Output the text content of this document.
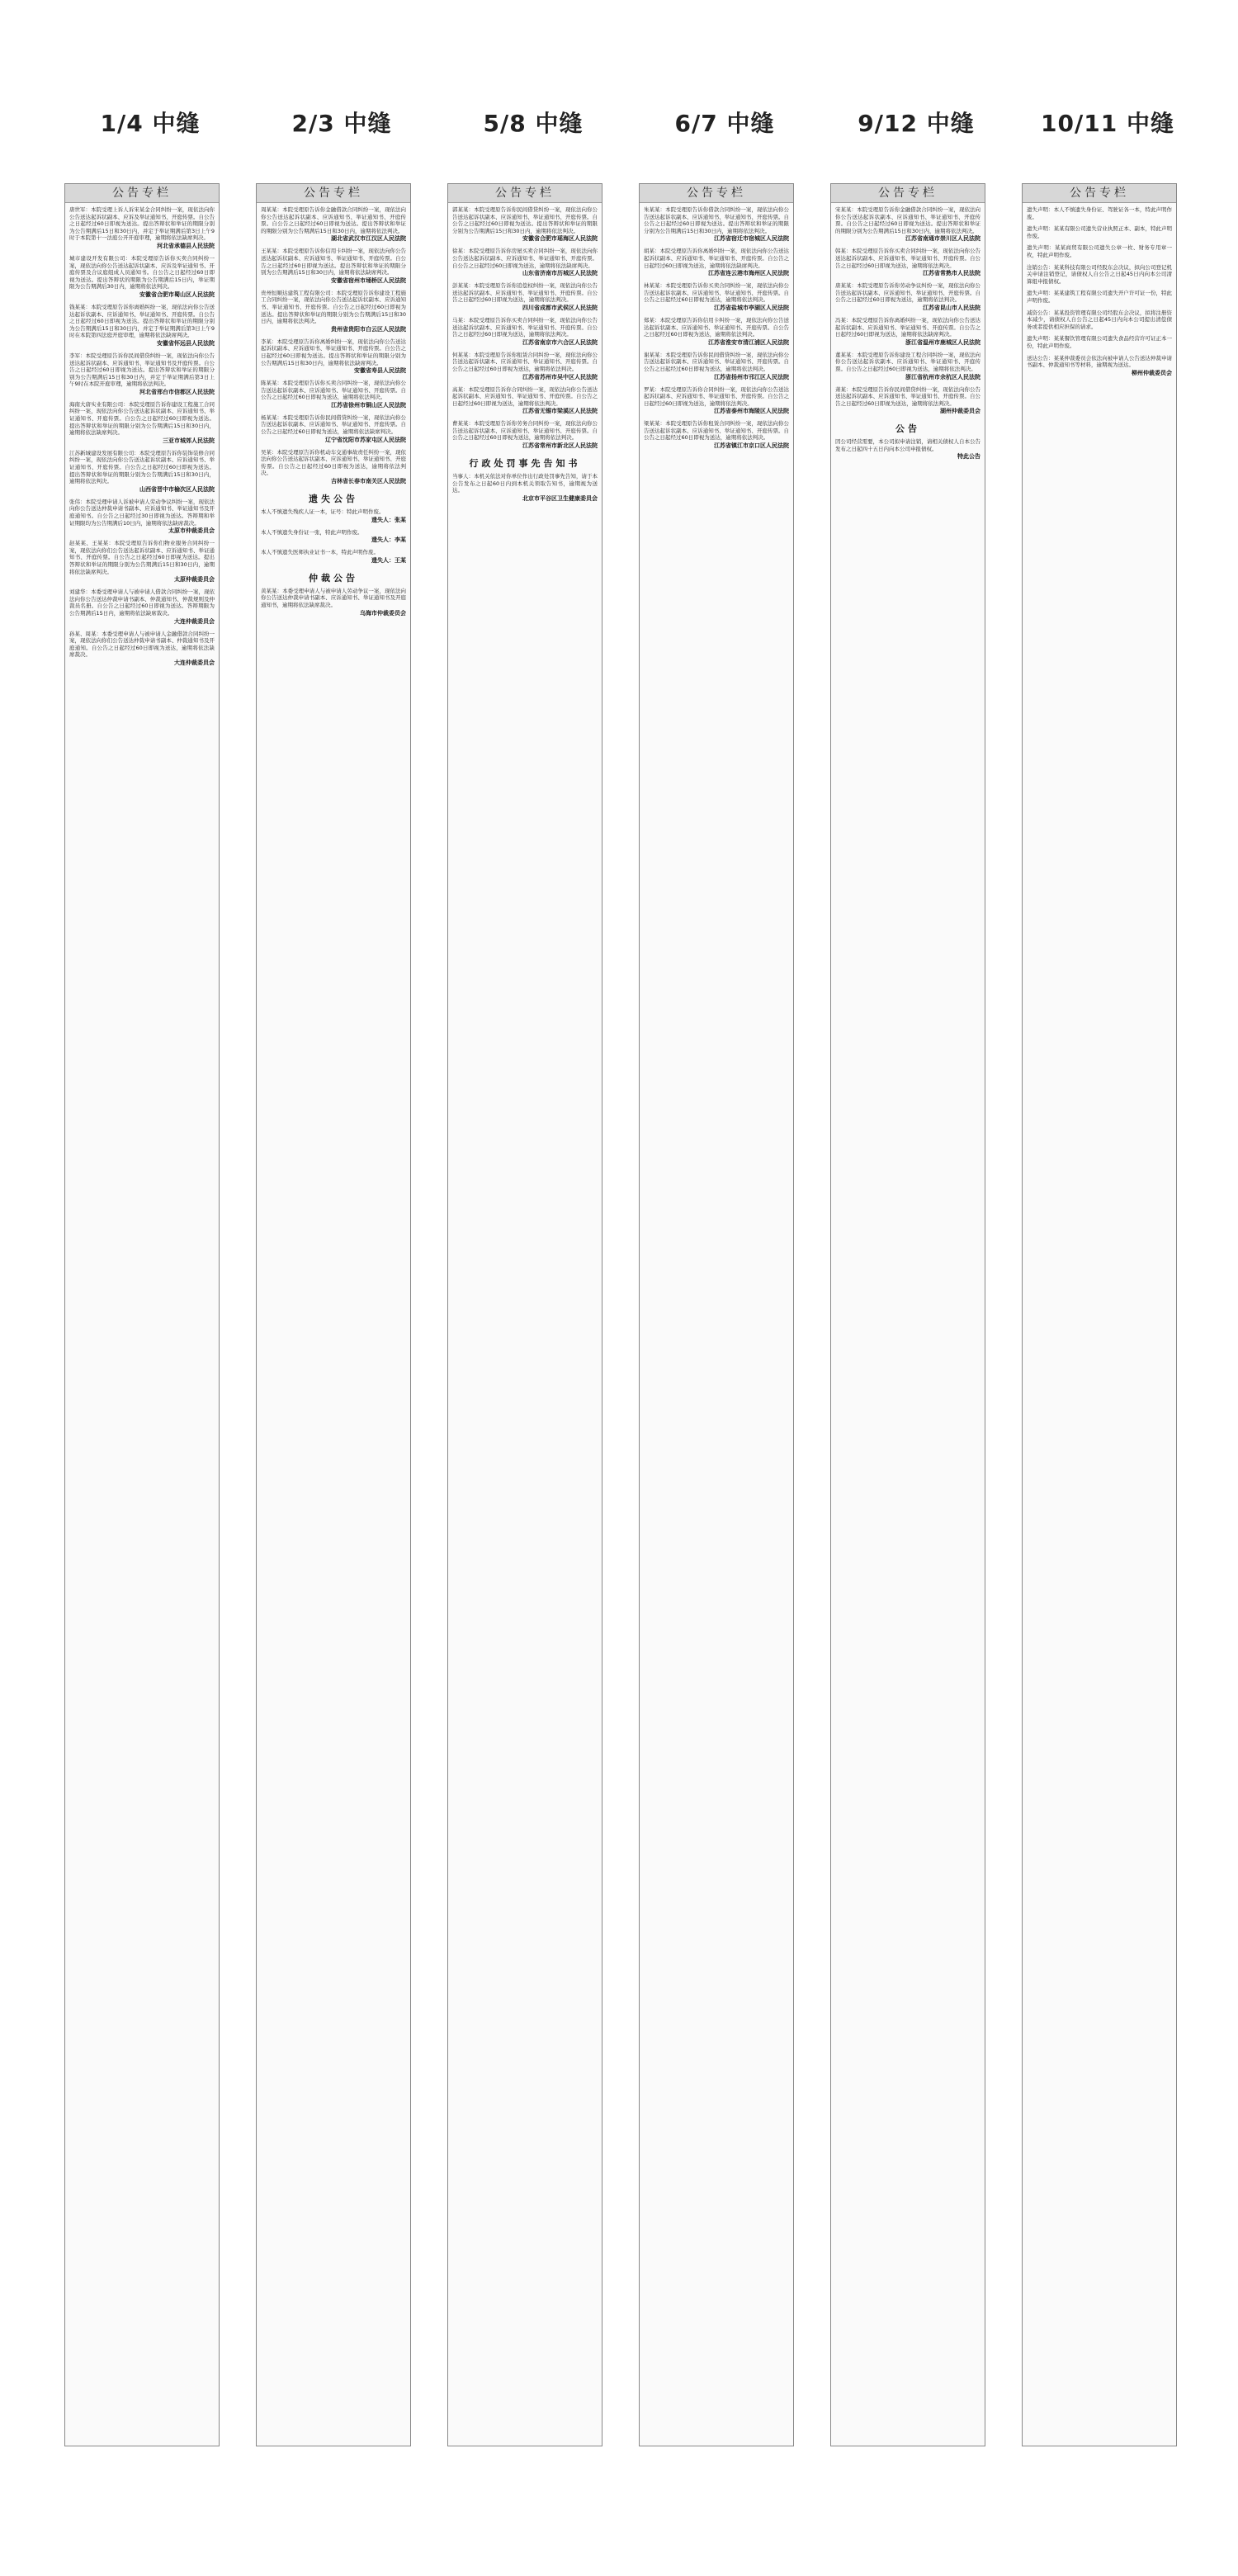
1/4 中缝	2/3 中缝	5/8 中缝	6/7 中缝	9/12 中缝	10/11 中缝
公告专栏
唐世军：本院受理上诉人诉宋某金合同纠纷一案，现依法向你公告送达起诉状副本、应诉及举证通知书、开庭传票。自公告之日起经过60日即视为送达。提出答辩状和举证的期限分别为公告期满后15日和30日内，并定于举证期满后第3日上午9时于本院第十一法庭公开开庭审理，逾期将依法缺席判决。
河北省承德县人民法院
城市建设开发有限公司：本院受理原告诉你买卖合同纠纷一案，现依法向你公告送达起诉状副本、应诉及举证通知书、开庭传票及合议庭组成人员通知书。自公告之日起经过60日即视为送达。提出答辩状的期限为公告期满后15日内，举证期限为公告期满后30日内，逾期将依法判决。
安徽省合肥市蜀山区人民法院
钱某某：本院受理原告诉你离婚纠纷一案，现依法向你公告送达起诉状副本、应诉通知书、举证通知书、开庭传票。自公告之日起经过60日即视为送达。提出答辩状和举证的期限分别为公告期满后15日和30日内，并定于举证期满后第3日上午9时在本院第四法庭开庭审理，逾期将依法缺席判决。
安徽省怀远县人民法院
李军：本院受理原告诉你民间借贷纠纷一案，现依法向你公告送达起诉状副本、应诉通知书、举证通知书及开庭传票。自公告之日起经过60日即视为送达。提出答辩状和举证的期限分别为公告期满后15日和30日内，并定于举证期满后第3日上午9时在本院开庭审理，逾期将依法判决。
河北省邢台市信都区人民法院
海南大唐实业有限公司：本院受理原告诉你建设工程施工合同纠纷一案，现依法向你公告送达起诉状副本、应诉通知书、举证通知书、开庭传票。自公告之日起经过60日即视为送达。提出答辩状和举证的期限分别为公告期满后15日和30日内，逾期将依法缺席判决。
三亚市城郊人民法院
江苏新城建设发展有限公司：本院受理原告诉你装饰装修合同纠纷一案，现依法向你公告送达起诉状副本、应诉通知书、举证通知书、开庭传票。自公告之日起经过60日即视为送达。提出答辩状和举证的期限分别为公告期满后15日和30日内，逾期将依法判决。
山西省晋中市榆次区人民法院
张伟：本院受理申请人诉被申请人劳动争议纠纷一案，现依法向你公告送达仲裁申请书副本、应诉通知书、举证通知书及开庭通知书。自公告之日起经过30日即视为送达。答辩期和举证期限均为公告期满后10日内，逾期将依法缺席裁决。
太原市仲裁委员会
赵某某、王某某：本院受理原告诉你们物业服务合同纠纷一案，现依法向你们公告送达起诉状副本、应诉通知书、举证通知书、开庭传票。自公告之日起经过60日即视为送达。提出答辩状和举证的期限分别为公告期满后15日和30日内，逾期将依法缺席判决。
太原仲裁委员会
刘建华：本委受理申请人与被申请人借款合同纠纷一案，现依法向你公告送达仲裁申请书副本、仲裁通知书、仲裁规则及仲裁员名册。自公告之日起经过60日即视为送达。答辩期限为公告期满后15日内，逾期将依法缺席裁决。
大连仲裁委员会
孙某、周某：本委受理申请人与被申请人金融借款合同纠纷一案，现依法向你们公告送达仲裁申请书副本、仲裁通知书及开庭通知。自公告之日起经过60日即视为送达，逾期将依法缺席裁决。
大连仲裁委员会
公告专栏
周某某：本院受理原告诉你金融借款合同纠纷一案，现依法向你公告送达起诉状副本、应诉通知书、举证通知书、开庭传票。自公告之日起经过60日即视为送达。提出答辩状和举证的期限分别为公告期满后15日和30日内，逾期将依法判决。
湖北省武汉市江汉区人民法院
王某某：本院受理原告诉你信用卡纠纷一案，现依法向你公告送达起诉状副本、应诉通知书、举证通知书、开庭传票。自公告之日起经过60日即视为送达。提出答辩状和举证的期限分别为公告期满后15日和30日内，逾期将依法缺席判决。
安徽省宿州市埇桥区人民法院
贵州恒顺达建筑工程有限公司：本院受理原告诉你建设工程施工合同纠纷一案，现依法向你公告送达起诉状副本、应诉通知书、举证通知书、开庭传票。自公告之日起经过60日即视为送达。提出答辩状和举证的期限分别为公告期满后15日和30日内，逾期将依法判决。
贵州省贵阳市白云区人民法院
李某：本院受理原告诉你离婚纠纷一案，现依法向你公告送达起诉状副本、应诉通知书、举证通知书、开庭传票。自公告之日起经过60日即视为送达。提出答辩状和举证的期限分别为公告期满后15日和30日内，逾期将依法缺席判决。
安徽省寿县人民法院
陈某某：本院受理原告诉你买卖合同纠纷一案，现依法向你公告送达起诉状副本、应诉通知书、举证通知书、开庭传票。自公告之日起经过60日即视为送达，逾期将依法判决。
江苏省徐州市铜山区人民法院
杨某某：本院受理原告诉你民间借贷纠纷一案，现依法向你公告送达起诉状副本、应诉通知书、举证通知书、开庭传票。自公告之日起经过60日即视为送达，逾期将依法缺席判决。
辽宁省沈阳市苏家屯区人民法院
吴某：本院受理原告诉你机动车交通事故责任纠纷一案，现依法向你公告送达起诉状副本、应诉通知书、举证通知书、开庭传票。自公告之日起经过60日即视为送达，逾期将依法判决。
吉林省长春市南关区人民法院
遗失公告
本人不慎遗失残疾人证一本，证号：特此声明作废。
遗失人：张某
本人不慎遗失身份证一张，特此声明作废。
遗失人：李某
本人不慎遗失医师执业证书一本，特此声明作废。
遗失人：王某
仲裁公告
黄某某：本委受理申请人与被申请人劳动争议一案，现依法向你公告送达仲裁申请书副本、应诉通知书、举证通知书及开庭通知书，逾期将依法缺席裁决。
乌海市仲裁委员会
公告专栏
郭某某：本院受理原告诉你民间借贷纠纷一案，现依法向你公告送达起诉状副本、应诉通知书、举证通知书、开庭传票。自公告之日起经过60日即视为送达。提出答辩状和举证的期限分别为公告期满后15日和30日内，逾期将依法判决。
安徽省合肥市瑶海区人民法院
徐某：本院受理原告诉你房屋买卖合同纠纷一案，现依法向你公告送达起诉状副本、应诉通知书、举证通知书、开庭传票。自公告之日起经过60日即视为送达，逾期将依法缺席判决。
山东省济南市历城区人民法院
彭某某：本院受理原告诉你追偿权纠纷一案，现依法向你公告送达起诉状副本、应诉通知书、举证通知书、开庭传票。自公告之日起经过60日即视为送达，逾期将依法判决。
四川省成都市武侯区人民法院
马某：本院受理原告诉你买卖合同纠纷一案，现依法向你公告送达起诉状副本、应诉通知书、举证通知书、开庭传票。自公告之日起经过60日即视为送达，逾期将依法判决。
江苏省南京市六合区人民法院
何某某：本院受理原告诉你租赁合同纠纷一案，现依法向你公告送达起诉状副本、应诉通知书、举证通知书、开庭传票。自公告之日起经过60日即视为送达，逾期将依法判决。
江苏省苏州市吴中区人民法院
高某：本院受理原告诉你合同纠纷一案，现依法向你公告送达起诉状副本、应诉通知书、举证通知书、开庭传票。自公告之日起经过60日即视为送达，逾期将依法判决。
江苏省无锡市梁溪区人民法院
曹某某：本院受理原告诉你劳务合同纠纷一案，现依法向你公告送达起诉状副本、应诉通知书、举证通知书、开庭传票。自公告之日起经过60日即视为送达，逾期将依法判决。
江苏省常州市新北区人民法院
行政处罚事先告知书
当事人：本机关依法对你单位作出行政处罚事先告知，请于本公告发布之日起60日内到本机关领取告知书，逾期视为送达。
北京市平谷区卫生健康委员会
公告专栏
朱某某：本院受理原告诉你借款合同纠纷一案，现依法向你公告送达起诉状副本、应诉通知书、举证通知书、开庭传票。自公告之日起经过60日即视为送达。提出答辩状和举证的期限分别为公告期满后15日和30日内，逾期将依法判决。
江苏省宿迁市宿城区人民法院
胡某：本院受理原告诉你离婚纠纷一案，现依法向你公告送达起诉状副本、应诉通知书、举证通知书、开庭传票。自公告之日起经过60日即视为送达，逾期将依法缺席判决。
江苏省连云港市海州区人民法院
林某某：本院受理原告诉你买卖合同纠纷一案，现依法向你公告送达起诉状副本、应诉通知书、举证通知书、开庭传票。自公告之日起经过60日即视为送达，逾期将依法判决。
江苏省盐城市亭湖区人民法院
郑某：本院受理原告诉你信用卡纠纷一案，现依法向你公告送达起诉状副本、应诉通知书、举证通知书、开庭传票。自公告之日起经过60日即视为送达，逾期将依法判决。
江苏省淮安市清江浦区人民法院
谢某某：本院受理原告诉你民间借贷纠纷一案，现依法向你公告送达起诉状副本、应诉通知书、举证通知书、开庭传票。自公告之日起经过60日即视为送达，逾期将依法判决。
江苏省扬州市邗江区人民法院
罗某：本院受理原告诉你合同纠纷一案，现依法向你公告送达起诉状副本、应诉通知书、举证通知书、开庭传票。自公告之日起经过60日即视为送达，逾期将依法判决。
江苏省泰州市海陵区人民法院
梁某某：本院受理原告诉你租赁合同纠纷一案，现依法向你公告送达起诉状副本、应诉通知书、举证通知书、开庭传票。自公告之日起经过60日即视为送达，逾期将依法判决。
江苏省镇江市京口区人民法院
公告专栏
宋某某：本院受理原告诉你金融借款合同纠纷一案，现依法向你公告送达起诉状副本、应诉通知书、举证通知书、开庭传票。自公告之日起经过60日即视为送达。提出答辩状和举证的期限分别为公告期满后15日和30日内，逾期将依法判决。
江苏省南通市崇川区人民法院
韩某：本院受理原告诉你买卖合同纠纷一案，现依法向你公告送达起诉状副本、应诉通知书、举证通知书、开庭传票。自公告之日起经过60日即视为送达，逾期将依法判决。
江苏省常熟市人民法院
唐某某：本院受理原告诉你劳动争议纠纷一案，现依法向你公告送达起诉状副本、应诉通知书、举证通知书、开庭传票。自公告之日起经过60日即视为送达，逾期将依法判决。
江苏省昆山市人民法院
冯某：本院受理原告诉你离婚纠纷一案，现依法向你公告送达起诉状副本、应诉通知书、举证通知书、开庭传票。自公告之日起经过60日即视为送达，逾期将依法缺席判决。
浙江省温州市鹿城区人民法院
董某某：本院受理原告诉你建设工程合同纠纷一案，现依法向你公告送达起诉状副本、应诉通知书、举证通知书、开庭传票。自公告之日起经过60日即视为送达，逾期将依法判决。
浙江省杭州市余杭区人民法院
萧某：本院受理原告诉你民间借贷纠纷一案，现依法向你公告送达起诉状副本、应诉通知书、举证通知书、开庭传票。自公告之日起经过60日即视为送达，逾期将依法判决。
湖州仲裁委员会
公告
因公司经营需要，本公司拟申请注销，请相关债权人自本公告发布之日起四十五日内向本公司申报债权。
特此公告
公告专栏
遗失声明：本人不慎遗失身份证、驾驶证各一本，特此声明作废。
遗失声明：某某有限公司遗失营业执照正本、副本，特此声明作废。
遗失声明：某某商贸有限公司遗失公章一枚、财务专用章一枚，特此声明作废。
注销公告：某某科技有限公司经股东会决议，拟向公司登记机关申请注销登记，请债权人自公告之日起45日内向本公司清算组申报债权。
遗失声明：某某建筑工程有限公司遗失开户许可证一份，特此声明作废。
减资公告：某某投资管理有限公司经股东会决议，拟将注册资本减少，请债权人自公告之日起45日内向本公司提出清偿债务或者提供相应担保的请求。
遗失声明：某某餐饮管理有限公司遗失食品经营许可证正本一份，特此声明作废。
送达公告：某某仲裁委员会依法向被申请人公告送达仲裁申请书副本、仲裁通知书等材料，逾期视为送达。
柳州仲裁委员会
